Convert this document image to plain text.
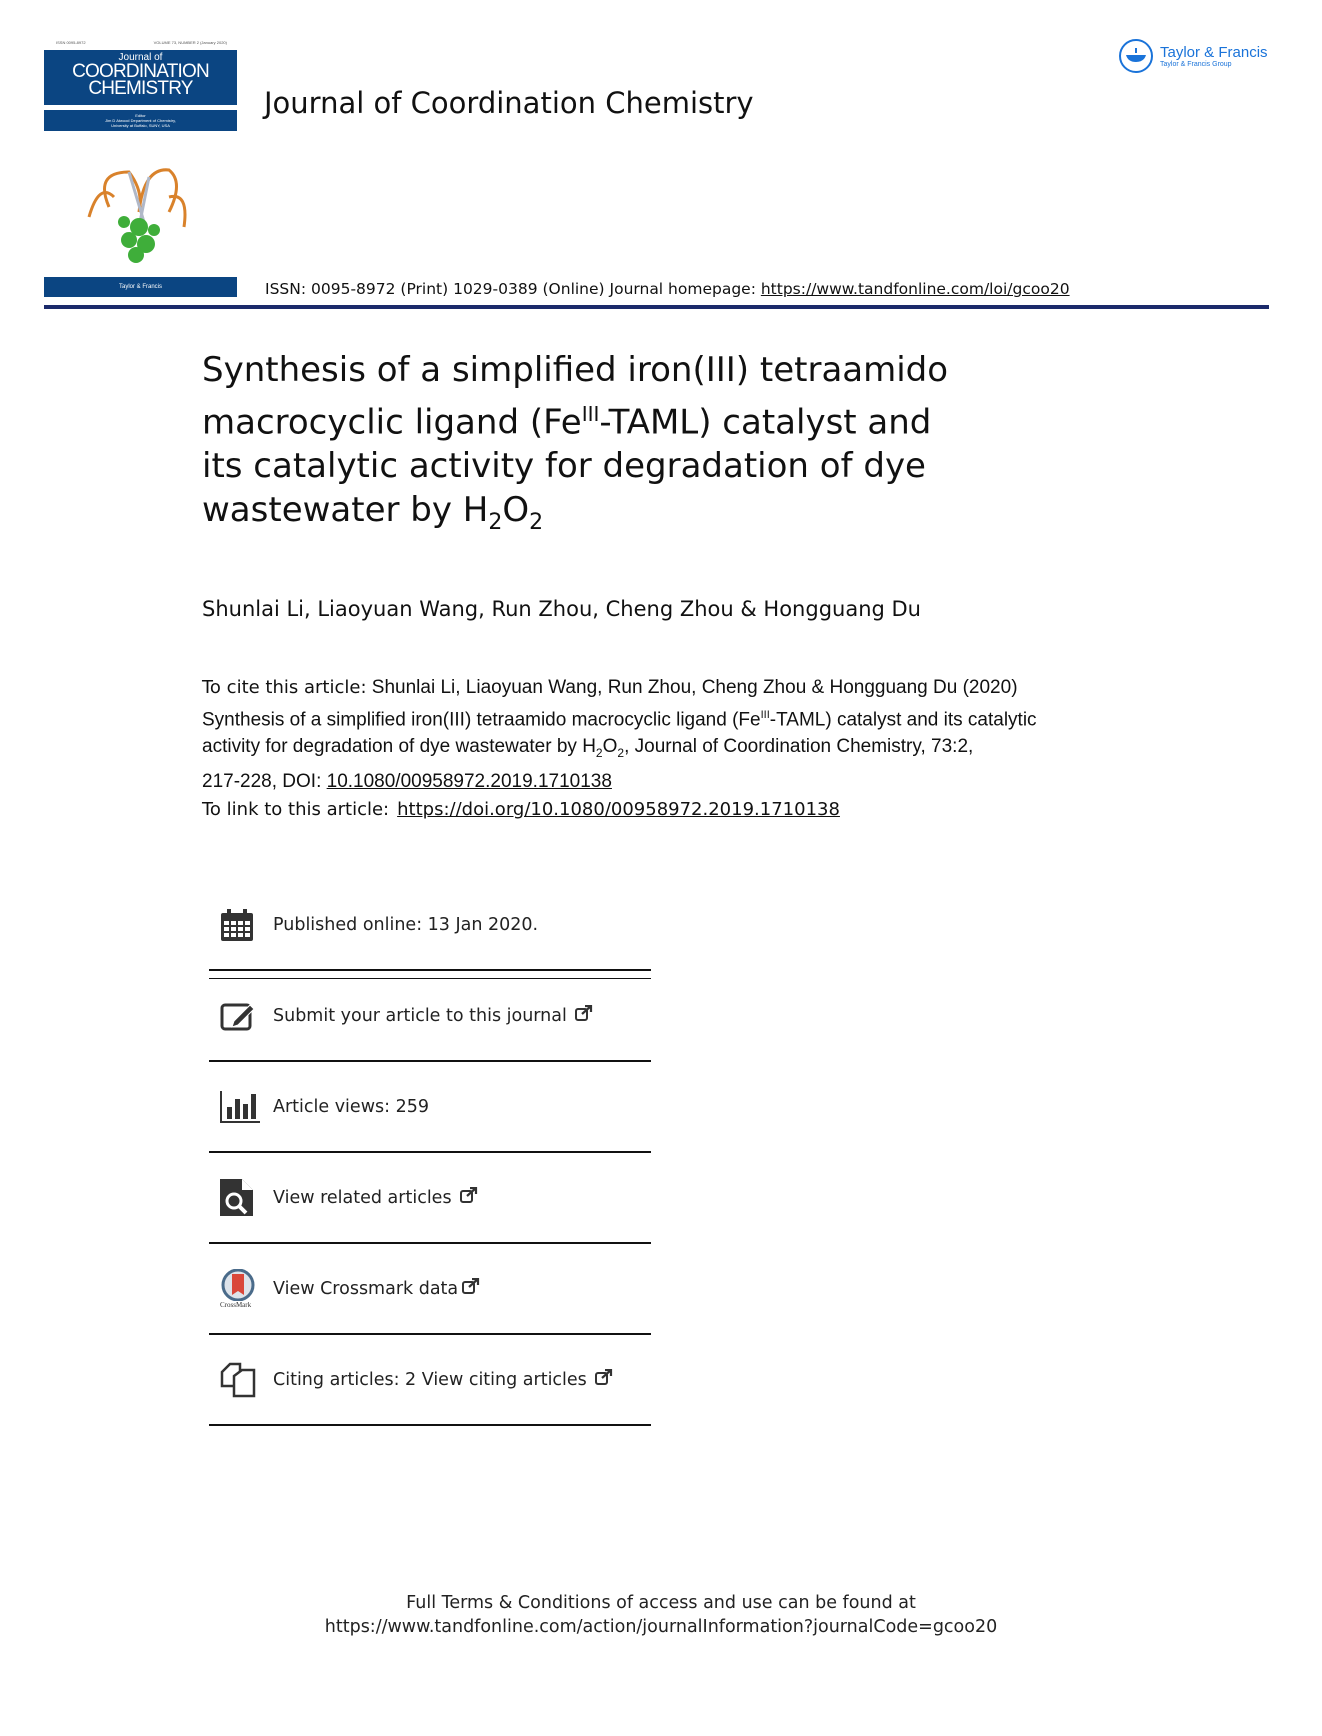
ISSN 0095-8972	VOLUME 73, NUMBER 2 (January 2020)
Journal of
COORDINATION
CHEMISTRY
Editor
Jim D Atwood Department of Chemistry,
University at Buffalo, SUNY, USA
Taylor & Francis
Journal of Coordination Chemistry
Taylor & Francis
Taylor & Francis Group
ISSN: 0095-8972 (Print) 1029-0389 (Online) Journal homepage: https://www.tandfonline.com/loi/gcoo20
Synthesis of a simplified iron(III) tetraamido
macrocyclic ligand $(Fe^{III}-TAML)$ catalyst and
its catalytic activity for degradation of dye
wastewater by $H_2O_2$
Shunlai Li, Liaoyuan Wang, Run Zhou, Cheng Zhou & Hongguang Du
To cite this article: Shunlai Li, Liaoyuan Wang, Run Zhou, Cheng Zhou & Hongguang Du (2020)
Synthesis of a simplified iron(III) tetraamido macrocyclic ligand $(Fe^{III}-TAML)$ catalyst and its catalytic
activity for degradation of dye wastewater by $H_2O_2$, Journal of Coordination Chemistry, 73:2,
217-228, DOI: 10.1080/00958972.2019.1710138
To link to this article: https://doi.org/10.1080/00958972.2019.1710138
Published online: 13 Jan 2020.
Submit your article to this journal
Article views: 259
View related articles
CrossMark
View Crossmark data
Citing articles: 2 View citing articles
Full Terms & Conditions of access and use can be found at
https://www.tandfonline.com/action/journalInformation?journalCode=gcoo20
